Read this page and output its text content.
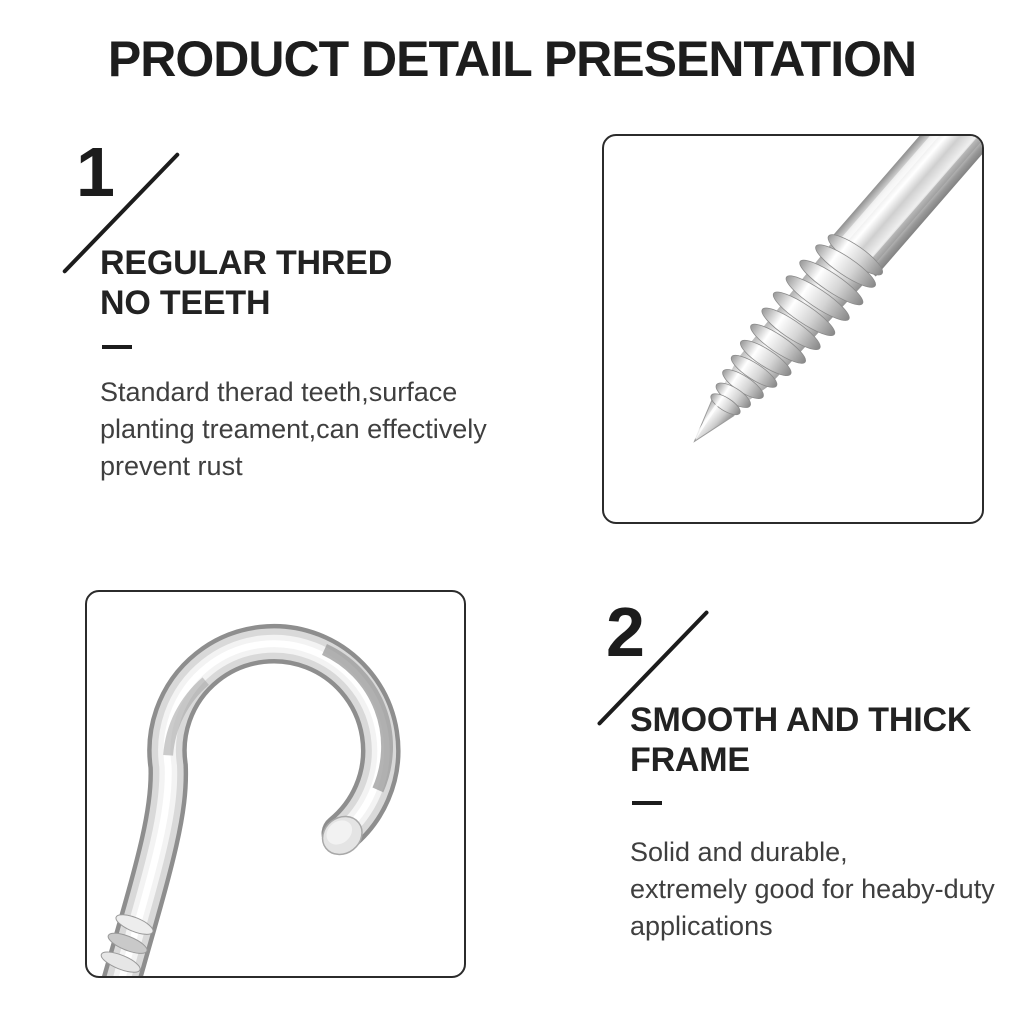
PRODUCT DETAIL PRESENTATION
1
REGULAR THRED
NO TEETH
Standard therad teeth,surface
planting treament,can effectively
prevent rust
2
SMOOTH AND THICK
FRAME
Solid and durable,
extremely good for heaby-duty
applications
